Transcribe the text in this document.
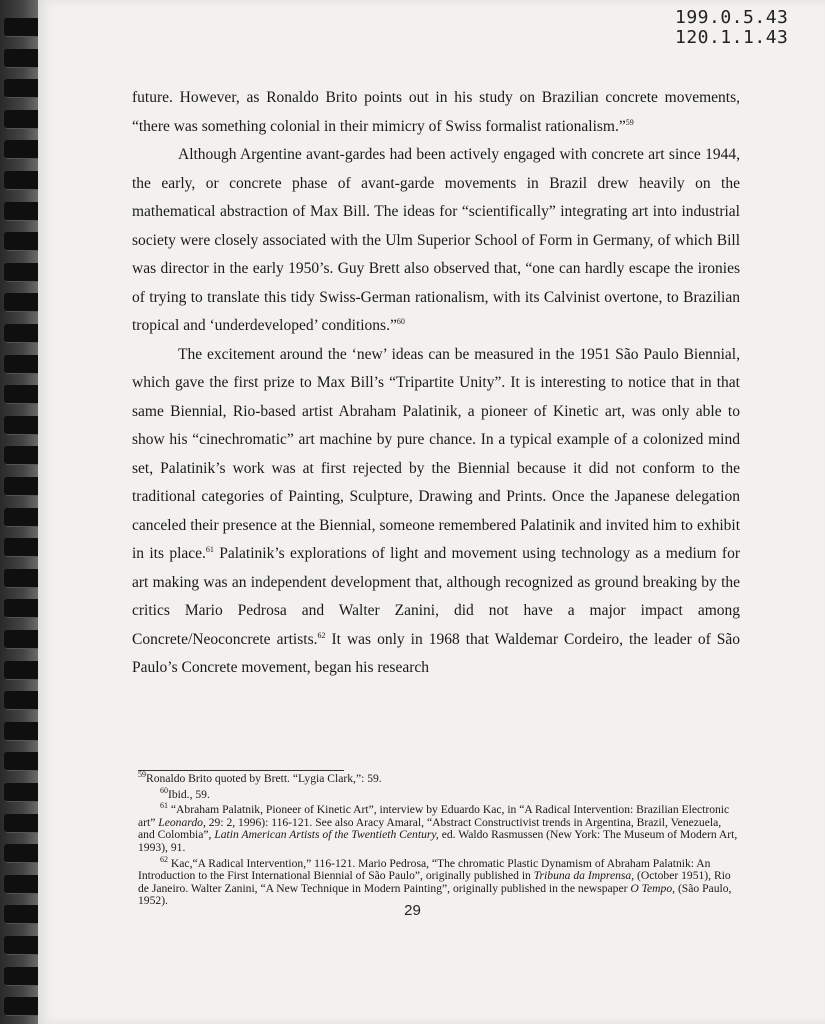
199.0.5.43
120.1.1.43

future. However, as Ronaldo Brito points out in his study on Brazilian concrete movements, “there was something colonial in their mimicry of Swiss formalist rationalism.”$^{59}$

Although Argentine avant-gardes had been actively engaged with concrete art since 1944, the early, or concrete phase of avant-garde movements in Brazil drew heavily on the mathematical abstraction of Max Bill. The ideas for “scientifically” integrating art into industrial society were closely associated with the Ulm Superior School of Form in Germany, of which Bill was director in the early 1950’s. Guy Brett also observed that, “one can hardly escape the ironies of trying to translate this tidy Swiss-German rationalism, with its Calvinist overtone, to Brazilian tropical and ‘underdeveloped’ conditions.”$^{60}$

The excitement around the ‘new’ ideas can be measured in the 1951 São Paulo Biennial, which gave the first prize to Max Bill’s “Tripartite Unity”. It is interesting to notice that in that same Biennial, Rio-based artist Abraham Palatinik, a pioneer of Kinetic art, was only able to show his “cinechromatic” art machine by pure chance. In a typical example of a colonized mind set, Palatinik’s work was at first rejected by the Biennial because it did not conform to the traditional categories of Painting, Sculpture, Drawing and Prints. Once the Japanese delegation canceled their presence at the Biennial, someone remembered Palatinik and invited him to exhibit in its place.$^{61}$ Palatinik’s explorations of light and movement using technology as a medium for art making was an independent development that, although recognized as ground breaking by the critics Mario Pedrosa and Walter Zanini, did not have a major impact among Concrete/Neoconcrete artists.$^{62}$ It was only in 1968 that Waldemar Cordeiro, the leader of São Paulo’s Concrete movement, began his research

$^{59}$Ronaldo Brito quoted by Brett. “Lygia Clark,”: 59.

$^{60}$Ibid., 59.

$^{61}$ “Abraham Palatnik, Pioneer of Kinetic Art”, interview by Eduardo Kac, in “A Radical Intervention: Brazilian Electronic art” Leonardo, 29: 2, 1996): 116-121. See also Aracy Amaral, “Abstract Constructivist trends in Argentina, Brazil, Venezuela, and Colombia”, Latin American Artists of the Twentieth Century, ed. Waldo Rasmussen (New York: The Museum of Modern Art, 1993), 91.

$^{62}$ Kac,“A Radical Intervention,” 116-121. Mario Pedrosa, “The chromatic Plastic Dynamism of Abraham Palatnik: An Introduction to the First International Biennial of São Paulo”, originally published in Tribuna da Imprensa, (October 1951), Rio de Janeiro. Walter Zanini, “A New Technique in Modern Painting”, originally published in the newspaper O Tempo, (São Paulo, 1952).

29
